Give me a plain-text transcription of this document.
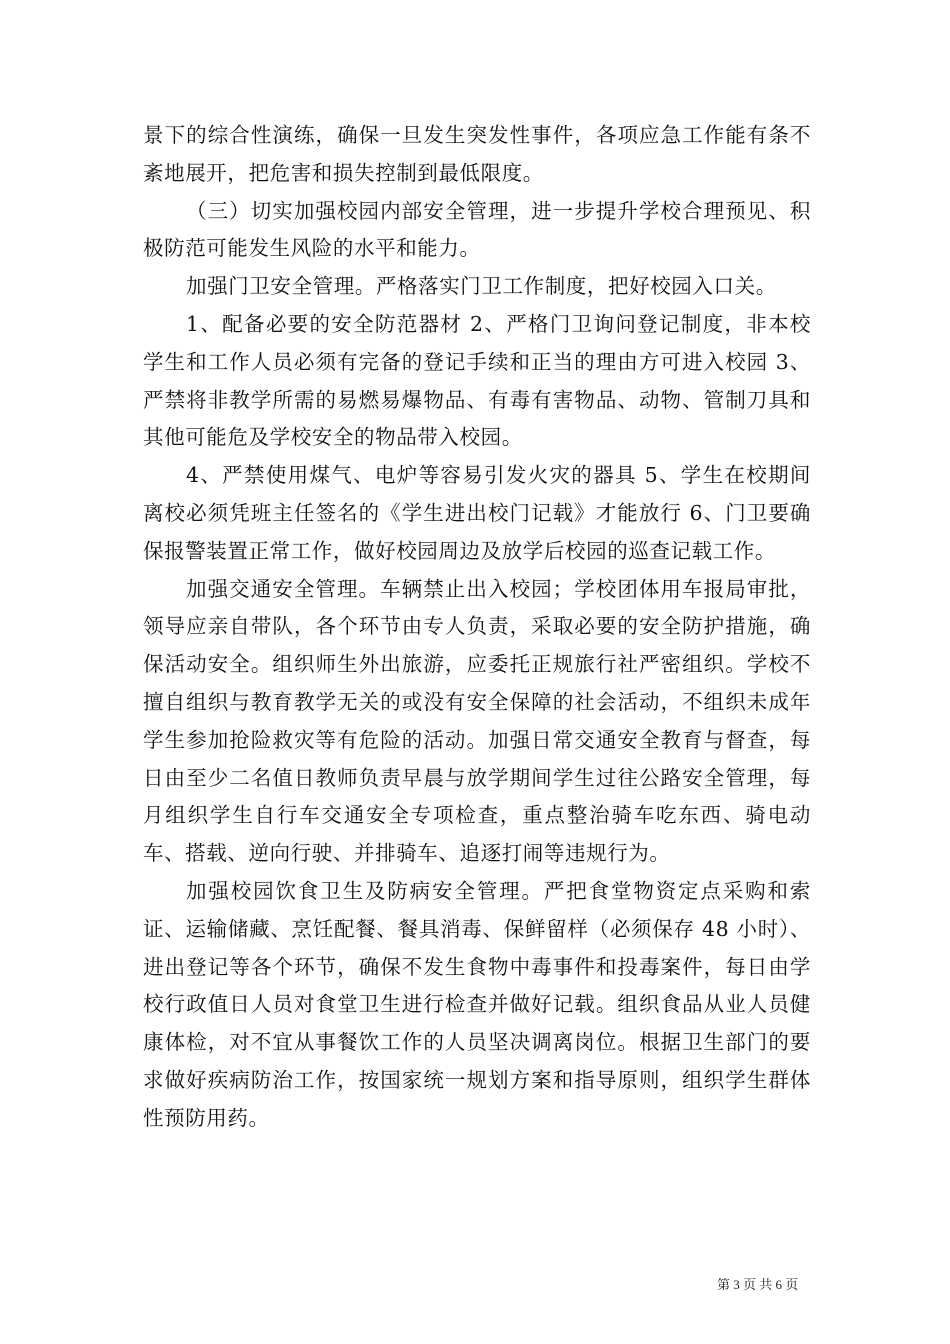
景下的综合性演练，确保一旦发生突发性事件，各项应急工作能有条不紊地展开，把危害和损失控制到最低限度。

（三）切实加强校园内部安全管理，进一步提升学校合理预见、积极防范可能发生风险的水平和能力。

加强门卫安全管理。严格落实门卫工作制度，把好校园入口关。

1、配备必要的安全防范器材 2、严格门卫询问登记制度，非本校学生和工作人员必须有完备的登记手续和正当的理由方可进入校园 3、严禁将非教学所需的易燃易爆物品、有毒有害物品、动物、管制刀具和其他可能危及学校安全的物品带入校园。

4、严禁使用煤气、电炉等容易引发火灾的器具 5、学生在校期间离校必须凭班主任签名的《学生进出校门记载》才能放行 6、门卫要确保报警装置正常工作，做好校园周边及放学后校园的巡查记载工作。

加强交通安全管理。车辆禁止出入校园；学校团体用车报局审批，领导应亲自带队，各个环节由专人负责，采取必要的安全防护措施，确保活动安全。组织师生外出旅游，应委托正规旅行社严密组织。学校不擅自组织与教育教学无关的或没有安全保障的社会活动，不组织未成年学生参加抢险救灾等有危险的活动。加强日常交通安全教育与督查，每日由至少二名值日教师负责早晨与放学期间学生过往公路安全管理，每月组织学生自行车交通安全专项检查，重点整治骑车吃东西、骑电动车、搭载、逆向行驶、并排骑车、追逐打闹等违规行为。

加强校园饮食卫生及防病安全管理。严把食堂物资定点采购和索证、运输储藏、烹饪配餐、餐具消毒、保鲜留样（必须保存 48 小时）、进出登记等各个环节，确保不发生食物中毒事件和投毒案件，每日由学校行政值日人员对食堂卫生进行检查并做好记载。组织食品从业人员健康体检，对不宜从事餐饮工作的人员坚决调离岗位。根据卫生部门的要求做好疾病防治工作，按国家统一规划方案和指导原则，组织学生群体性预防用药。

第 3 页 共 6 页
